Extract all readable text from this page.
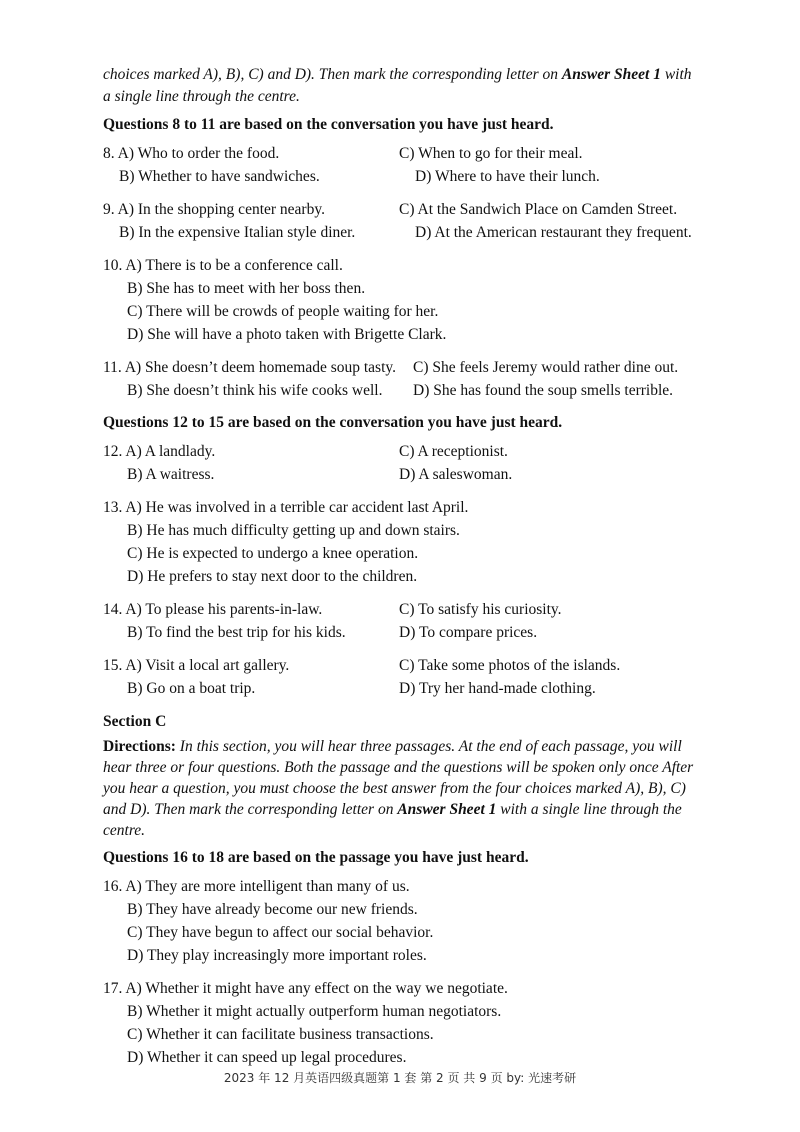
choices marked A), B), C) and D). Then mark the corresponding letter on Answer Sheet 1 with a single line through the centre.

Questions 8 to 11 are based on the conversation you have just heard.
8. A) Who to order the food.	C) When to go for their meal.
B) Whether to have sandwiches.	D) Where to have their lunch.
9. A) In the shopping center nearby.	C) At the Sandwich Place on Camden Street.
B) In the expensive Italian style diner.	D) At the American restaurant they frequent.
10. A) There is to be a conference call.
B) She has to meet with her boss then.
C) There will be crowds of people waiting for her.
D) She will have a photo taken with Brigette Clark.
11. A) She doesn’t deem homemade soup tasty.	C) She feels Jeremy would rather dine out.
B) She doesn’t think his wife cooks well.	D) She has found the soup smells terrible.
Questions 12 to 15 are based on the conversation you have just heard.
12. A) A landlady.	C) A receptionist.
B) A waitress.	D) A saleswoman.
13. A) He was involved in a terrible car accident last April.
B) He has much difficulty getting up and down stairs.
C) He is expected to undergo a knee operation.
D) He prefers to stay next door to the children.
14. A) To please his parents-in-law.	C) To satisfy his curiosity.
B) To find the best trip for his kids.	D) To compare prices.
15. A) Visit a local art gallery.	C) Take some photos of the islands.
B) Go on a boat trip.	D) Try her hand-made clothing.
Section C

Directions: In this section, you will hear three passages. At the end of each passage, you will hear three or four questions. Both the passage and the questions will be spoken only once After you hear a question, you must choose the best answer from the four choices marked A), B), C) and D). Then mark the corresponding letter on Answer Sheet 1 with a single line through the centre.

Questions 16 to 18 are based on the passage you have just heard.
16. A) They are more intelligent than many of us.
B) They have already become our new friends.
C) They have begun to affect our social behavior.
D) They play increasingly more important roles.
17. A) Whether it might have any effect on the way we negotiate.
B) Whether it might actually outperform human negotiators.
C) Whether it can facilitate business transactions.
D) Whether it can speed up legal procedures.
2023 年 12 月英语四级真题第 1 套 第 2 页 共 9 页 by: 光速考研
